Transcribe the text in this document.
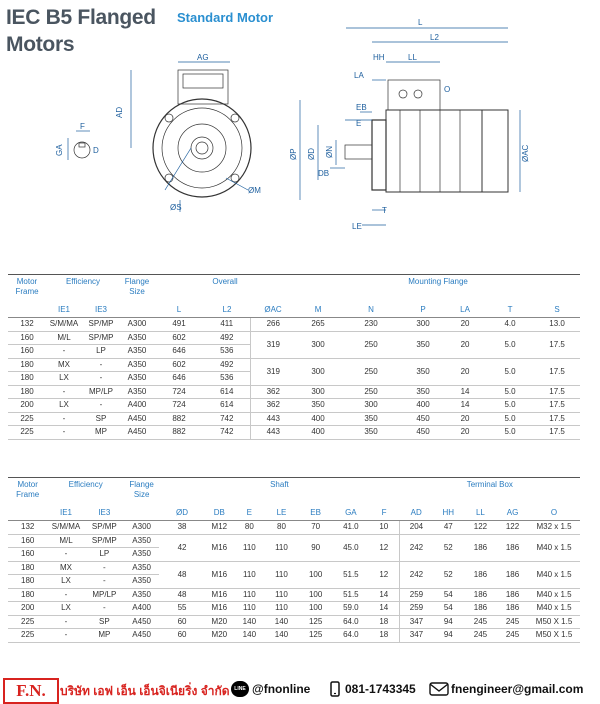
IEC B5 Flanged
Motors
Standard Motor
AG
AD
F
GA	D
ØS
ØM
L
L2
HH	LL
LA
O
EB
E
ØP ØD ØN
DB
T
LE
ØAC
Motor Frame	Efficiency		Flange Size	Overall			Mounting Flange					
	IE1	IE3		L	L2	ØAC	M	N	P	LA	T	S
132	S/M/MA	SP/MP	A300	491	411	266	265	230	300	20	4.0	13.0
160	M/L	SP/MP	A350	602	492	319	300	250	350	20	5.0	17.5
160	-	LP	A350	646	536							
180	MX	-	A350	602	492	319	300	250	350	20	5.0	17.5
180	LX	-	A350	646	536							
180	-	MP/LP	A350	724	614	362	300	250	350	14	5.0	17.5
200	LX	-	A400	724	614	362	350	300	400	14	5.0	17.5
225	-	SP	A450	882	742	443	400	350	450	20	5.0	17.5
225	-	MP	A450	882	742	443	400	350	450	20	5.0	17.5
Motor Frame	Efficiency		Flange Size	Shaft							Terminal Box				
	IE1	IE3		ØD	DB	E	LE	EB	GA	F	AD	HH	LL	AG	O
132	S/M/MA	SP/MP	A300	38	M12	80	80	70	41.0	10	204	47	122	122	M32 x 1.5
160	M/L	SP/MP	A350	42	M16	110	110	90	45.0	12	242	52	186	186	M40 x 1.5
160	-	LP	A350												
180	MX	-	A350	48	M16	110	110	100	51.5	12	242	52	186	186	M40 x 1.5
180	LX	-	A350												
180	-	MP/LP	A350	48	M16	110	110	100	51.5	14	259	54	186	186	M40 x 1.5
200	LX	-	A400	55	M16	110	110	100	59.0	14	259	54	186	186	M40 x 1.5
225	-	SP	A450	60	M20	140	140	125	64.0	18	347	94	245	245	M50 X 1.5
225	-	MP	A450	60	M20	140	140	125	64.0	18	347	94	245	245	M50 X 1.5
F.N.	บริษัท เอฟ เอ็น เอ็นจิเนียริ่ง จำกัด LINE @fnonline	081-1743345	fnengineer@gmail.com
